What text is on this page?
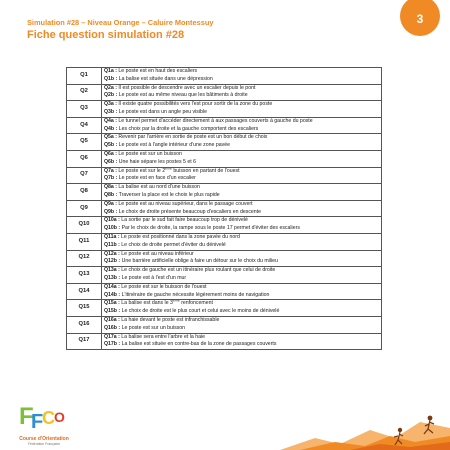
3
Simulation #28 – Niveau Orange – Caluire Montessuy
Fiche question simulation #28
Q1	Q1a : Le poste est en haut des escaliers
Q1b : La balise est située dans une dépression

Q2	Q2a : Il est possible de descendre avec un escalier depuis le pont
Q2b : Le poste est au même niveau que les bâtiments à droite

Q3	Q3a : Il existe quatre possibilités vers l'est pour sortir de la zone du poste
Q3b : Le poste est dans un angle peu visible

Q4	Q4a : Le tunnel permet d'accéder directement à aux passages couverts à gauche du poste
Q4b : Les choix par la droite et la gauche comportent des escaliers

Q5	Q5a : Revenir par l'arrière en sortie de poste est un bon début de choix
Q5b : Le poste est à l'angle intérieur d'une zone pavée

Q6	Q6a : Le poste est sur un buisson
Q6b : Une haie sépare les postes 5 et 6

Q7	Q7a : Le poste est sur le 2ème buisson en partant de l'ouest
Q7b : Le poste est en face d'un escalier

Q8	Q8a : La balise est au nord d'une buisson
Q8b : Traverser la place est le choix le plus rapide

Q9	Q9a : Le poste est au niveau supérieur, dans le passage couvert
Q9b : Le choix de droite présente beaucoup d'escaliers en descente

Q10	Q10a : La sortie par le sud fait faire beaucoup trop de dénivelé
Q10b : Par le choix de droite, la rampe sous le poste 17 permet d'éviter des escaliers

Q11	Q11a : Le poste est positionné dans la zone pavée du nord
Q11b : Le choix de droite permet d'éviter du dénivelé

Q12	Q12a : Le poste est au niveau inférieur
Q12b : Une barrière artificielle oblige à faire un détour sur le choix du milieu

Q13	Q13a : Le choix de gauche est un itinéraire plus roulant que celui de droite
Q13b : Le poste est à l'est d'un mur

Q14	Q14a : Le poste est sur le buisson de l'ouest
Q14b : L'itinéraire de gauche nécessite légèrement moins de navigation

Q15	Q15a : La balise est dans le 3ème renfoncement
Q15b : Le choix de droite est le plus court et celui avec le moins de dénivelé

Q16	Q16a : La haie devant le poste est infranchissable
Q16b : Le poste est sur un buisson

Q17	Q17a : La balise sera entre l'arbre et la haie
Q17b : La balise est située en contre-bas de la zone de passages couverts
F
F
C O
Course d'Orientation
Fédération Française
